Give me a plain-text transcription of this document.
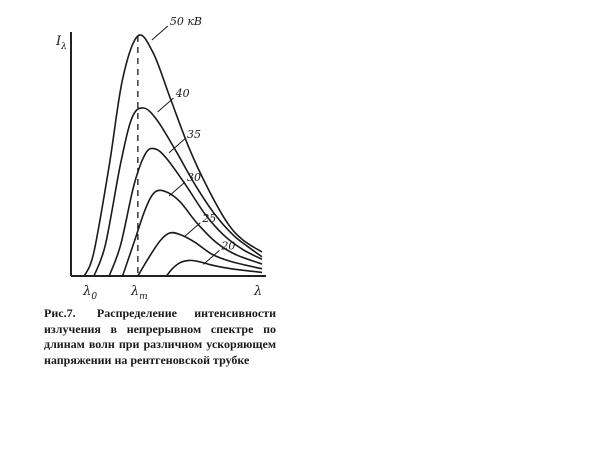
$I_\lambda$
λ
$\lambda_0$	$\lambda_m$
50 кВ
40
35
30
25
20
Рис.7. Распределение интенсивности излучения в непрерывном спектре по длинам волн при различном ускоряющем напряжении на рентгеновской трубке
